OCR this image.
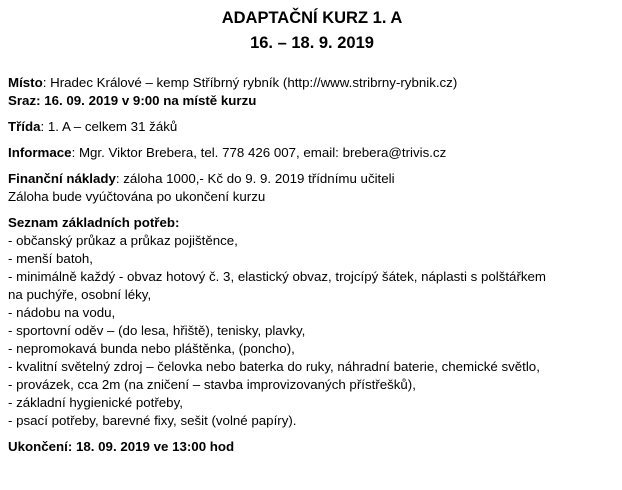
ADAPTAČNÍ KURZ 1. A
16. – 18. 9. 2019

Místo: Hradec Králové – kemp Stříbrný rybník (http://www.stribrny-rybnik.cz)

Sraz: 16. 09. 2019 v 9:00 na místě kurzu

Třída: 1. A – celkem 31 žáků

Informace: Mgr. Viktor Brebera, tel. 778 426 007, email: brebera@trivis.cz

Finanční náklady: záloha 1000,- Kč do 9. 9. 2019 třídnímu učiteli

Záloha bude vyúčtována po ukončení kurzu

Seznam základních potřeb:

- občanský průkaz a průkaz pojištěnce,
- menší batoh,
- minimálně každý - obvaz hotový č. 3, elastický obvaz, trojcípý šátek, náplasti s polštářkem
na puchýře, osobní léky,
- nádobu na vodu,
- sportovní oděv – (do lesa, hřiště), tenisky, plavky,
- nepromokavá bunda nebo pláštěnka, (poncho),
- kvalitní světelný zdroj – čelovka nebo baterka do ruky, náhradní baterie, chemické světlo,
- provázek, cca 2m (na zničení – stavba improvizovaných přístřešků),
- základní hygienické potřeby,
- psací potřeby, barevné fixy, sešit (volné papíry).

Ukončení: 18. 09. 2019 ve 13:00 hod
